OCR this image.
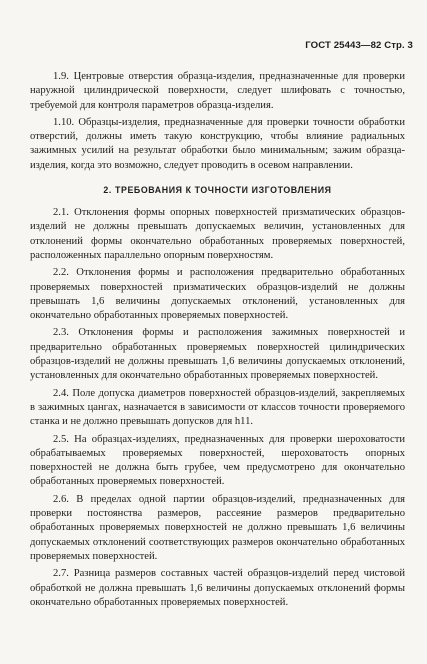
ГОСТ 25443—82 Стр. 3

1.9. Центровые отверстия образца-изделия, предназначенные для проверки наружной цилиндрической поверхности, следует шлифовать с точностью, требуемой для контроля параметров образца-изделия.

1.10. Образцы-изделия, предназначенные для проверки точности обработки отверстий, должны иметь такую конструкцию, чтобы влияние радиальных зажимных усилий на результат обработки было минимальным; зажим образца-изделия, когда это возможно, следует проводить в осевом направлении.

2. ТРЕБОВАНИЯ К ТОЧНОСТИ ИЗГОТОВЛЕНИЯ

2.1. Отклонения формы опорных поверхностей призматических образцов-изделий не должны превышать допускаемых величин, установленных для отклонений формы окончательно обработанных проверяемых поверхностей, расположенных параллельно опорным поверхностям.

2.2. Отклонения формы и расположения предварительно обработанных проверяемых поверхностей призматических образцов-изделий не должны превышать 1,6 величины допускаемых отклонений, установленных для окончательно обработанных проверяемых поверхностей.

2.3. Отклонения формы и расположения зажимных поверхностей и предварительно обработанных проверяемых поверхностей цилиндрических образцов-изделий не должны превышать 1,6 величины допускаемых отклонений, установленных для окончательно обработанных проверяемых поверхностей.

2.4. Поле допуска диаметров поверхностей образцов-изделий, закрепляемых в зажимных цангах, назначается в зависимости от классов точности проверяемого станка и не должно превышать допусков для h11.

2.5. На образцах-изделиях, предназначенных для проверки шероховатости обрабатываемых проверяемых поверхностей, шероховатость опорных поверхностей не должна быть грубее, чем предусмотрено для окончательно обработанных проверяемых поверхностей.

2.6. В пределах одной партии образцов-изделий, предназначенных для проверки постоянства размеров, рассеяние размеров предварительно обработанных проверяемых поверхностей не должно превышать 1,6 величины допускаемых отклонений соответствующих размеров окончательно обработанных проверяемых поверхностей.

2.7. Разница размеров составных частей образцов-изделий перед чистовой обработкой не должна превышать 1,6 величины допускаемых отклонений формы окончательно обработанных проверяемых поверхностей.
